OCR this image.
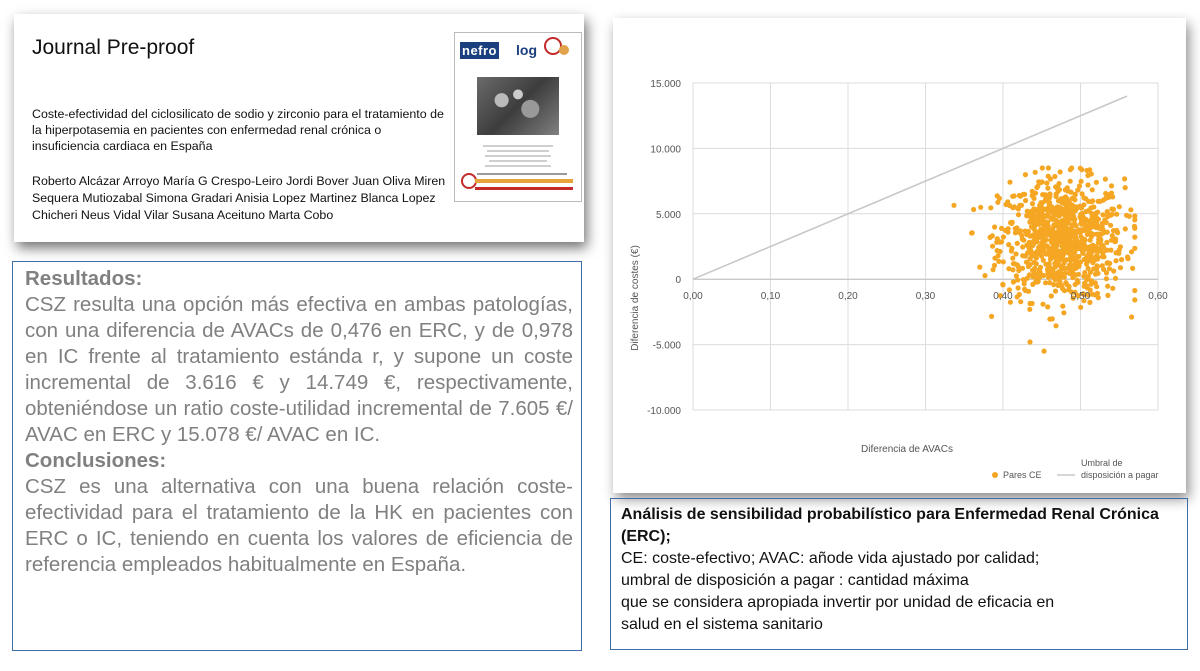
Journal Pre-proof
Coste-efectividad del ciclosilicato de sodio y zirconio para el tratamiento de la hiperpotasemia en pacientes con enfermedad renal crónica o insuficiencia cardiaca en España
Roberto Alcázar Arroyo María G Crespo-Leiro Jordi Bover Juan Oliva Miren Sequera Mutiozabal Simona Gradari Anisia Lopez Martinez Blanca Lopez Chicheri Neus Vidal Vilar Susana Aceituno Marta Cobo
nefro log

Resultados:

CSZ resulta una opción más efectiva en ambas patologías, con una diferencia de AVACs de 0,476 en ERC, y de 0,978 en IC frente al tratamiento estánda r, y supone un coste incremental de 3.616 € y 14.749 €, respectivamente, obteniéndose un ratio coste-utilidad incremental de 7.605 €/ AVAC en ERC y 15.078 €/ AVAC en IC.

Conclusiones:

CSZ es una alternativa con una buena relación coste-efectividad para el tratamiento de la HK en pacientes con ERC o IC, teniendo en cuenta los valores de eficiencia de referencia empleados habitualmente en España.

0,00	0,10	0,20	0,30	0,40	0,50	0,60
15.000
10.000
5.000
0
-5.000
-10.000
Pares CE
Umbral de
disposición a pagar
Diferencia de AVACs
Diferencia de costes (€)
Análisis de sensibilidad probabilístico para Enfermedad Renal Crónica (ERC);
CE: coste-efectivo; AVAC: añode vida ajustado por calidad;
umbral de disposición a pagar : cantidad máxima
que se considera apropiada invertir por unidad de eficacia en
salud en el sistema sanitario
